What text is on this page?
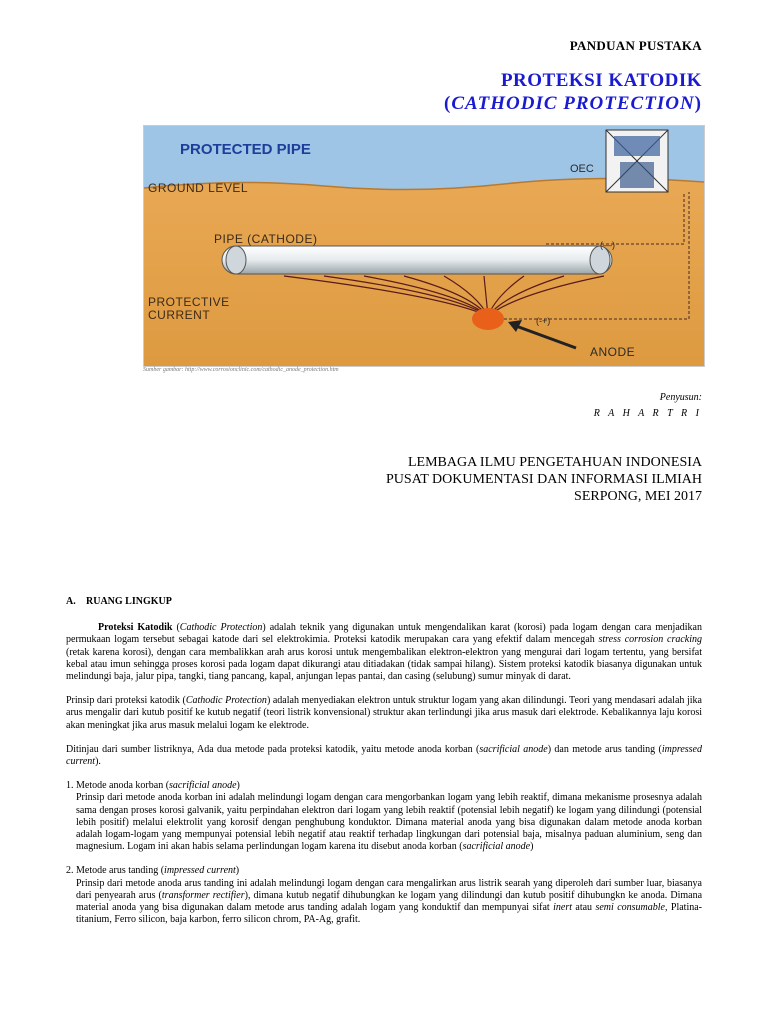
PANDUAN PUSTAKA
PROTEKSI KATODIK
(CATHODIC PROTECTION)
PROTECTED PIPE
GROUND LEVEL
PIPE (CATHODE)
PROTECTIVE
CURRENT
OEC
(—)
(-+)
ANODE
Sumber gambar: http://www.corrosionclinic.com/cathodic_anode_protection.htm
Penyusun:
R A H A R T R I
LEMBAGA ILMU PENGETAHUAN INDONESIA
PUSAT DOKUMENTASI DAN INFORMASI ILMIAH
SERPONG, MEI 2017
A. RUANG LINGKUP

Proteksi Katodik (Cathodic Protection) adalah teknik yang digunakan untuk mengendalikan karat (korosi) pada logam dengan cara menjadikan permukaan logam tersebut sebagai katode dari sel elektrokimia. Proteksi katodik merupakan cara yang efektif dalam mencegah stress corrosion cracking (retak karena korosi), dengan cara membalikkan arah arus korosi untuk mengembalikan elektron-elektron yang mengurai dari logam tertentu, yang bersifat kebal atau imun sehingga proses korosi pada logam dapat dikurangi atau ditiadakan (tidak sampai hilang). Sistem proteksi katodik biasanya digunakan untuk melindungi baja, jalur pipa, tangki, tiang pancang, kapal, anjungan lepas pantai, dan casing (selubung) sumur minyak di darat.

Prinsip dari proteksi katodik (Cathodic Protection) adalah menyediakan elektron untuk struktur logam yang akan dilindungi. Teori yang mendasari adalah jika arus mengalir dari kutub positif ke kutub negatif (teori listrik konvensional) struktur akan terlindungi jika arus masuk dari elektrode. Kebalikannya laju korosi akan meningkat jika arus masuk melalui logam ke elektrode.

Ditinjau dari sumber listriknya, Ada dua metode pada proteksi katodik, yaitu metode anoda korban (sacrificial anode) dan metode arus tanding (impressed current).

1. Metode anoda korban (sacrificial anode)

Prinsip dari metode anoda korban ini adalah melindungi logam dengan cara mengorbankan logam yang lebih reaktif, dimana mekanisme prosesnya adalah sama dengan proses korosi galvanik, yaitu perpindahan elektron dari logam yang lebih reaktif (potensial lebih negatif) ke logam yang dilindungi (potensial lebih positif) melalui elektrolit yang korosif dengan penghubung konduktor. Dimana material anoda yang bisa digunakan dalam metode anoda korban adalah logam-logam yang mempunyai potensial lebih negatif atau reaktif terhadap lingkungan dari potensial baja, misalnya paduan aluminium, seng dan magnesium. Logam ini akan habis selama perlindungan logam karena itu disebut anoda korban (sacrificial anode)

2. Metode arus tanding (impressed current)

Prinsip dari metode anoda arus tanding ini adalah melindungi logam dengan cara mengalirkan arus listrik searah yang diperoleh dari sumber luar, biasanya dari penyearah arus (transformer rectifier), dimana kutub negatif dihubungkan ke logam yang dilindungi dan kutub positif dihubungkn ke anoda. Dimana material anoda yang bisa digunakan dalam metode arus tanding adalah logam yang konduktif dan mempunyai sifat inert atau semi consumable, Platina-titanium, Ferro silicon, baja karbon, ferro silicon chrom, PA-Ag, grafit.
